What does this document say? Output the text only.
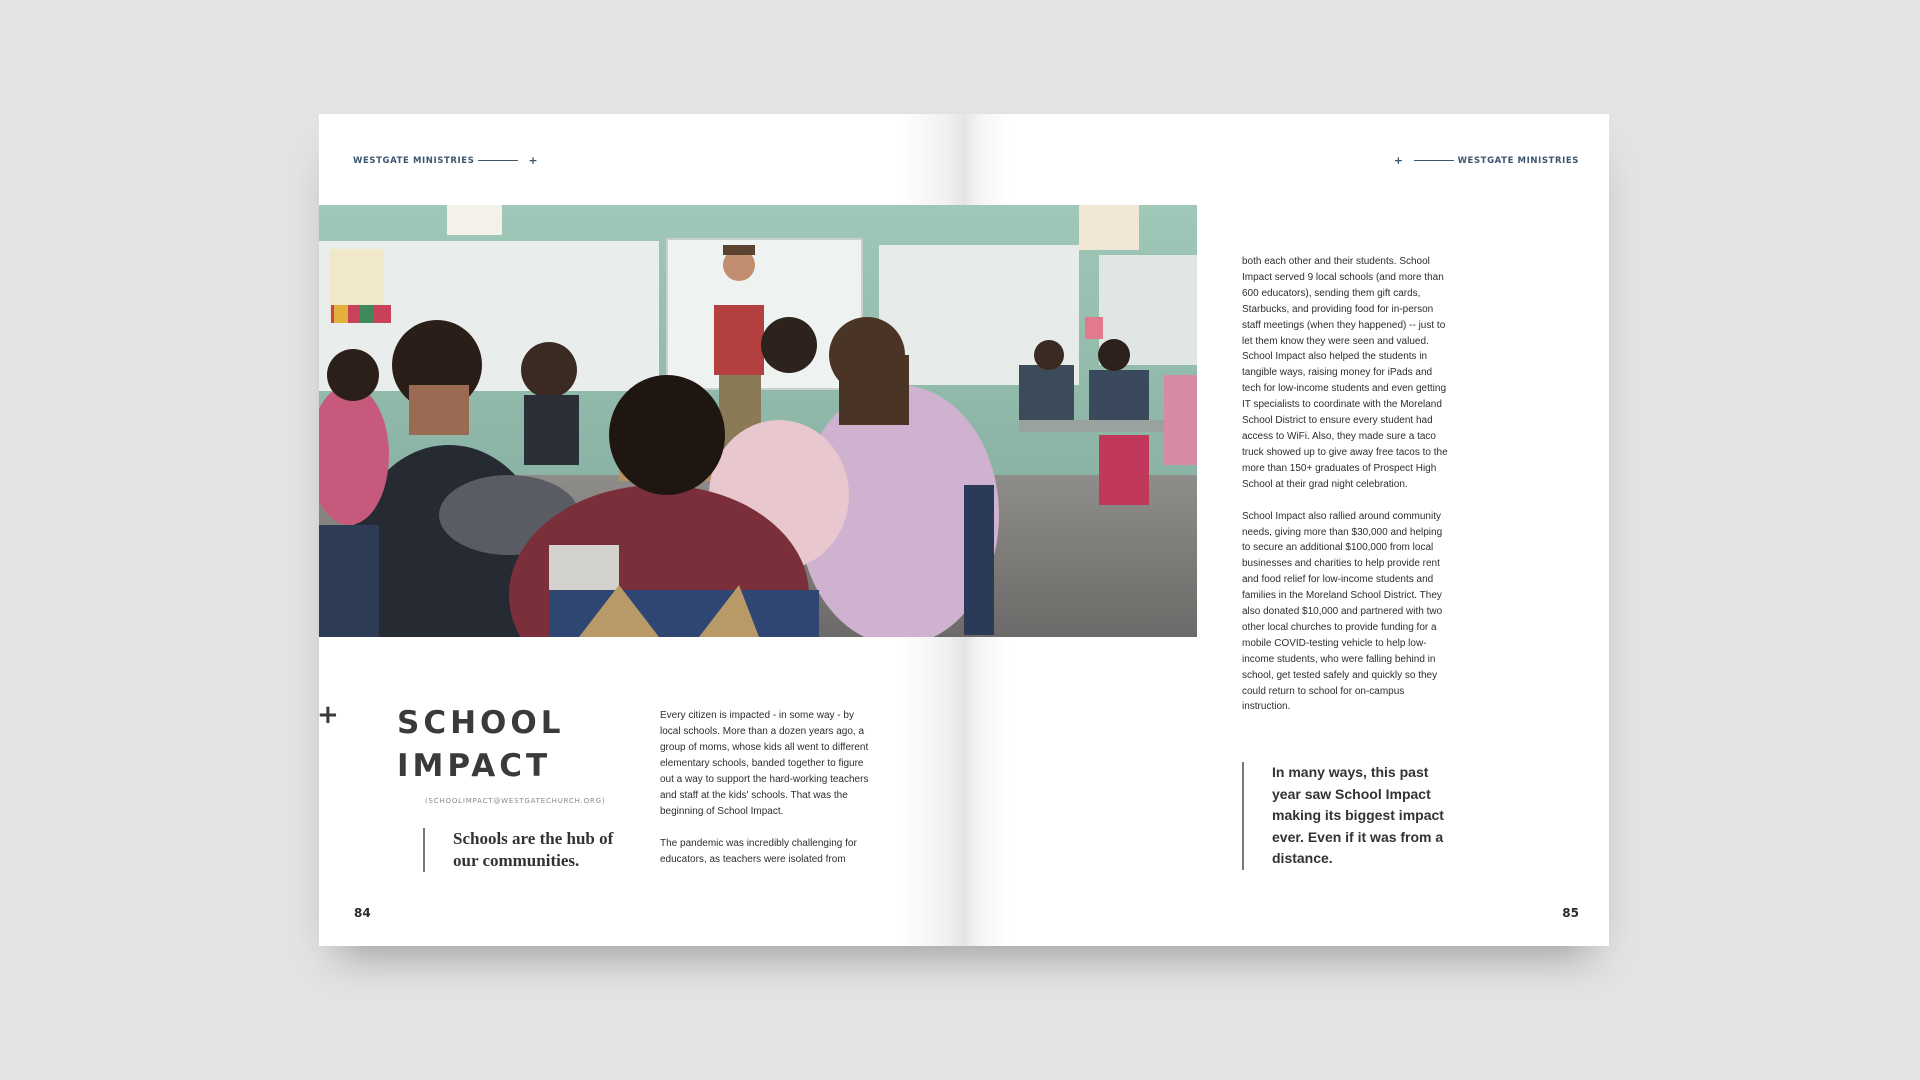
WESTGATE MINISTRIES	+
+ SCHOOL
IMPACT
(SCHOOLIMPACT@WESTGATECHURCH.ORG)
Schools are the hub of our communities.

Every citizen is impacted - in some way - by local schools. More than a dozen years ago, a group of moms, whose kids all went to different elementary schools, banded together to figure out a way to support the hard-working teachers and staff at the kids' schools. That was the beginning of School Impact.

The pandemic was incredibly challenging for educators, as teachers were isolated from

84
+	WESTGATE MINISTRIES

both each other and their students. School Impact served 9 local schools (and more than 600 educators), sending them gift cards, Starbucks, and providing food for in-person staff meetings (when they happened) -- just to let them know they were seen and valued. School Impact also helped the students in tangible ways, raising money for iPads and tech for low-income students and even getting IT specialists to coordinate with the Moreland School District to ensure every student had access to WiFi. Also, they made sure a taco truck showed up to give away free tacos to the more than 150+ graduates of Prospect High School at their grad night celebration.

School Impact also rallied around community needs, giving more than $30,000 and helping to secure an additional $100,000 from local businesses and charities to help provide rent and food relief for low-income students and families in the Moreland School District. They also donated $10,000 and partnered with two other local churches to provide funding for a mobile COVID-testing vehicle to help low-income students, who were falling behind in school, get tested safely and quickly so they could return to school for on-campus instruction.

In many ways, this past year saw School Impact making its biggest impact ever. Even if it was from a distance.
85
